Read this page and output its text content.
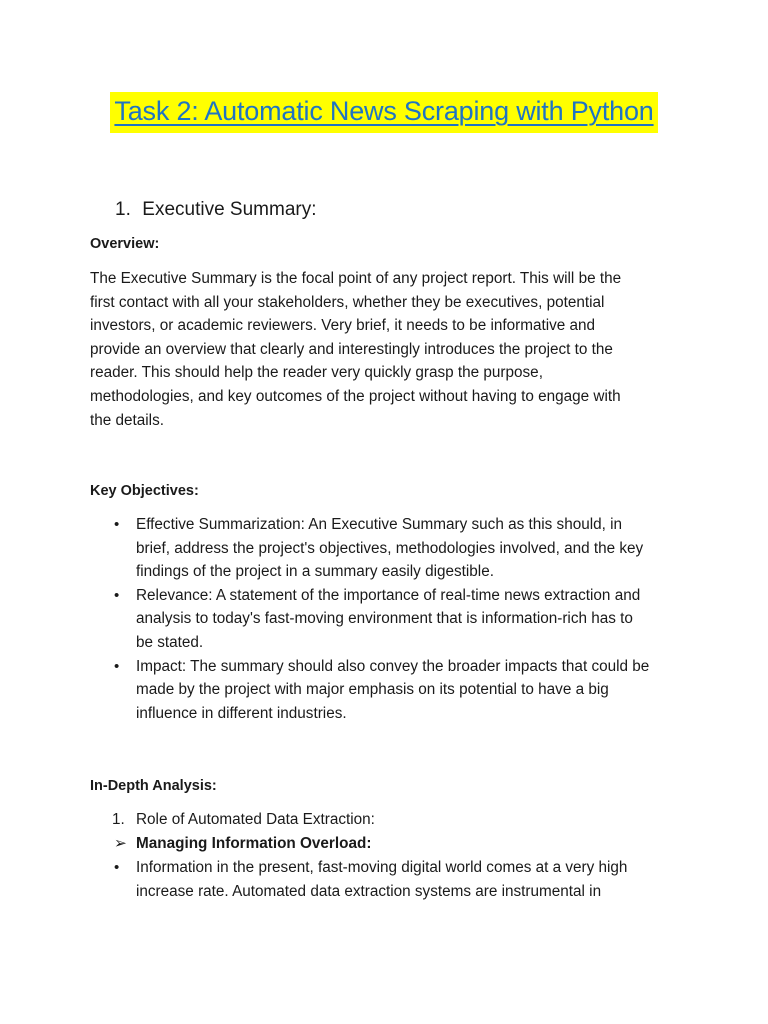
Task 2: Automatic News Scraping with Python
1. Executive Summary:
Overview:
The Executive Summary is the focal point of any project report. This will be the
first contact with all your stakeholders, whether they be executives, potential
investors, or academic reviewers. Very brief, it needs to be informative and
provide an overview that clearly and interestingly introduces the project to the
reader. This should help the reader very quickly grasp the purpose,
methodologies, and key outcomes of the project without having to engage with
the details.
Key Objectives:
• Effective Summarization: An Executive Summary such as this should, in
brief, address the project's objectives, methodologies involved, and the key
findings of the project in a summary easily digestible.
• Relevance: A statement of the importance of real-time news extraction and
analysis to today's fast-moving environment that is information-rich has to
be stated.
• Impact: The summary should also convey the broader impacts that could be
made by the project with major emphasis on its potential to have a big
influence in different industries.
In-Depth Analysis:
1. Role of Automated Data Extraction:
➢ Managing Information Overload:
• Information in the present, fast-moving digital world comes at a very high
increase rate. Automated data extraction systems are instrumental in
